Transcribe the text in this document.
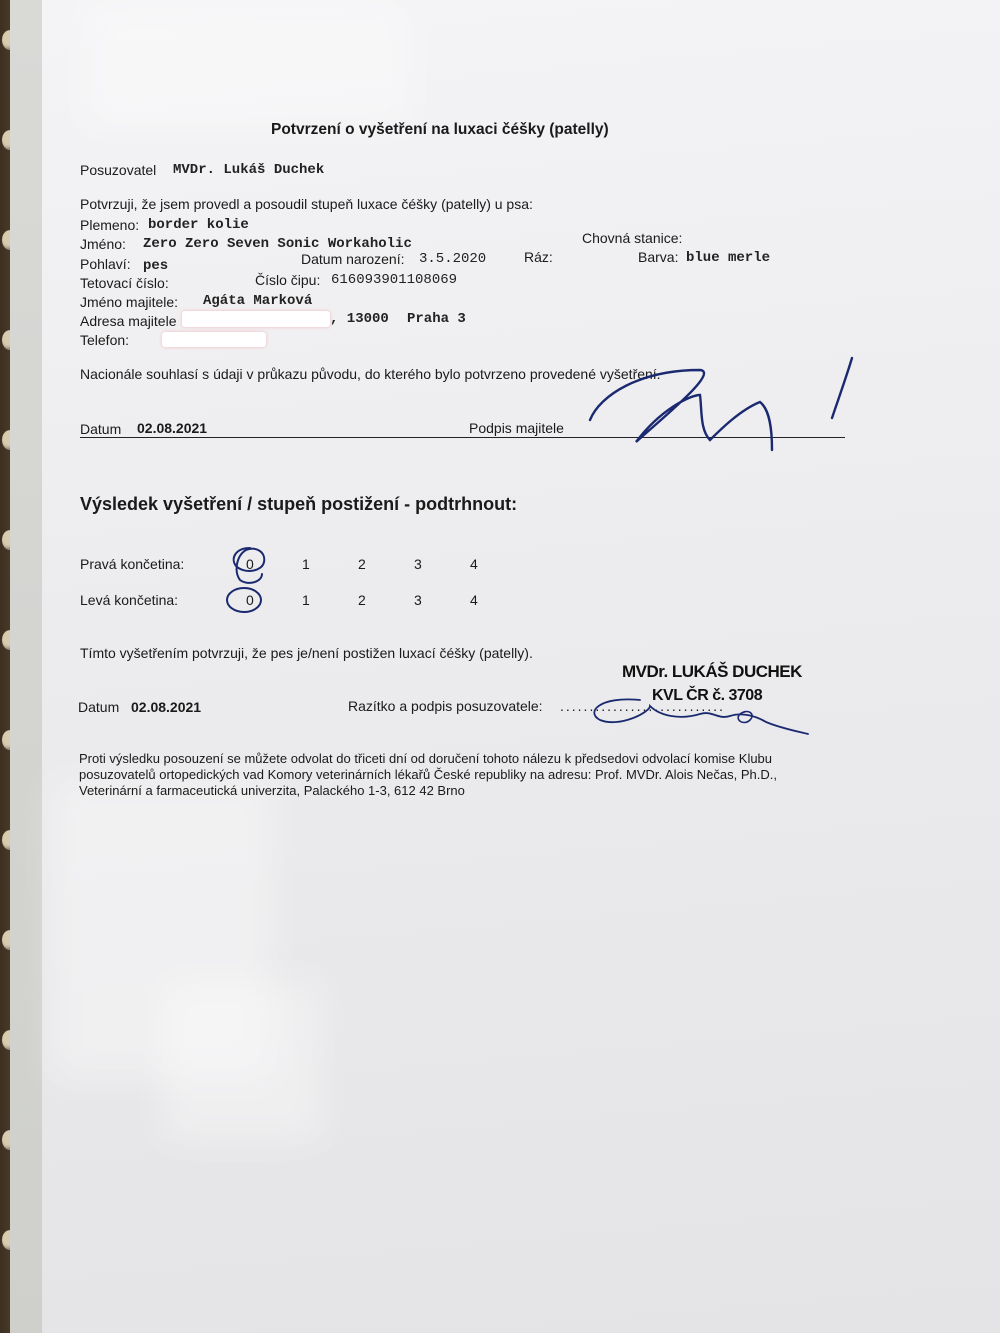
Potvrzení o vyšetření na luxaci čéšky (patelly)
Posuzovatel MVDr. Lukáš Duchek
Potvrzuji, že jsem provedl a posoudil stupeň luxace čéšky (patelly) u psa:
Plemeno: border kolie
Jméno: Zero Zero Seven Sonic Workaholic	Chovná stanice:
Pohlaví: pes	Datum narození: 3.5.2020	Ráz:	Barva: blue merle
Tetovací číslo:	Číslo čipu: 616093901108069
Jméno majitele: Agáta Marková
Adresa majitele	, 13000 Praha 3
Telefon:
Nacionále souhlasí s údaji v průkazu původu, do kterého bylo potvrzeno provedené vyšetření.
Datum 02.08.2021	Podpis majitele
Výsledek vyšetření / stupeň postižení - podtrhnout:
Pravá končetina:	0	1	2	3	4
Levá končetina:	0	1	2	3	4
Tímto vyšetřením potvrzuji, že pes je/není postižen luxací čéšky (patelly).
MVDr. LUKÁŠ DUCHEK
KVL ČR č. 3708
Datum 02.08.2021	Razítko a podpis posuzovatele: ............................
Proti výsledku posouzení se můžete odvolat do třiceti dní od doručení tohoto nálezu k předsedovi odvolací komise Klubu
posuzovatelů ortopedických vad Komory veterinárních lékařů České republiky na adresu: Prof. MVDr. Alois Nečas, Ph.D.,
Veterinární a farmaceutická univerzita, Palackého 1-3, 612 42 Brno
